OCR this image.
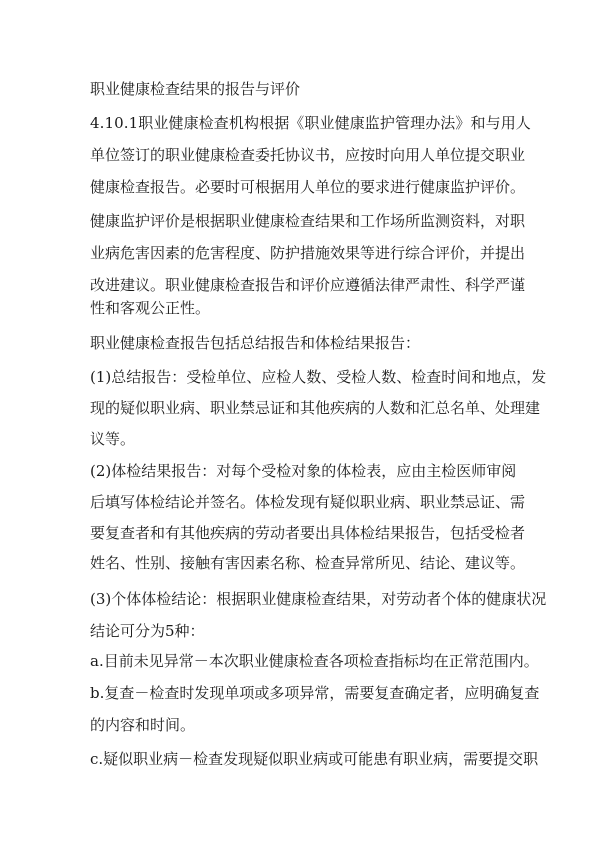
职业健康检查结果的报告与评价

4.10.1职业健康检查机构根据《职业健康监护管理办法》和与用人

单位签订的职业健康检查委托协议书，应按时向用人单位提交职业

健康检查报告。必要时可根据用人单位的要求进行健康监护评价。

健康监护评价是根据职业健康检查结果和工作场所监测资料，对职

业病危害因素的危害程度、防护措施效果等进行综合评价，并提出

改进建议。职业健康检查报告和评价应遵循法律严肃性、科学严谨

性和客观公正性。

职业健康检查报告包括总结报告和体检结果报告：

(1)总结报告：受检单位、应检人数、受检人数、检查时间和地点，发

现的疑似职业病、职业禁忌证和其他疾病的人数和汇总名单、处理建

议等。

(2)体检结果报告：对每个受检对象的体检表，应由主检医师审阅

后填写体检结论并签名。体检发现有疑似职业病、职业禁忌证、需

要复查者和有其他疾病的劳动者要出具体检结果报告，包括受检者

姓名、性别、接触有害因素名称、检查异常所见、结论、建议等。

(3)个体体检结论：根据职业健康检查结果，对劳动者个体的健康状况

结论可分为5种：

a.目前未见异常－本次职业健康检查各项检查指标均在正常范围内。

b.复查－检查时发现单项或多项异常，需要复查确定者，应明确复查

的内容和时间。

c.疑似职业病－检查发现疑似职业病或可能患有职业病，需要提交职
